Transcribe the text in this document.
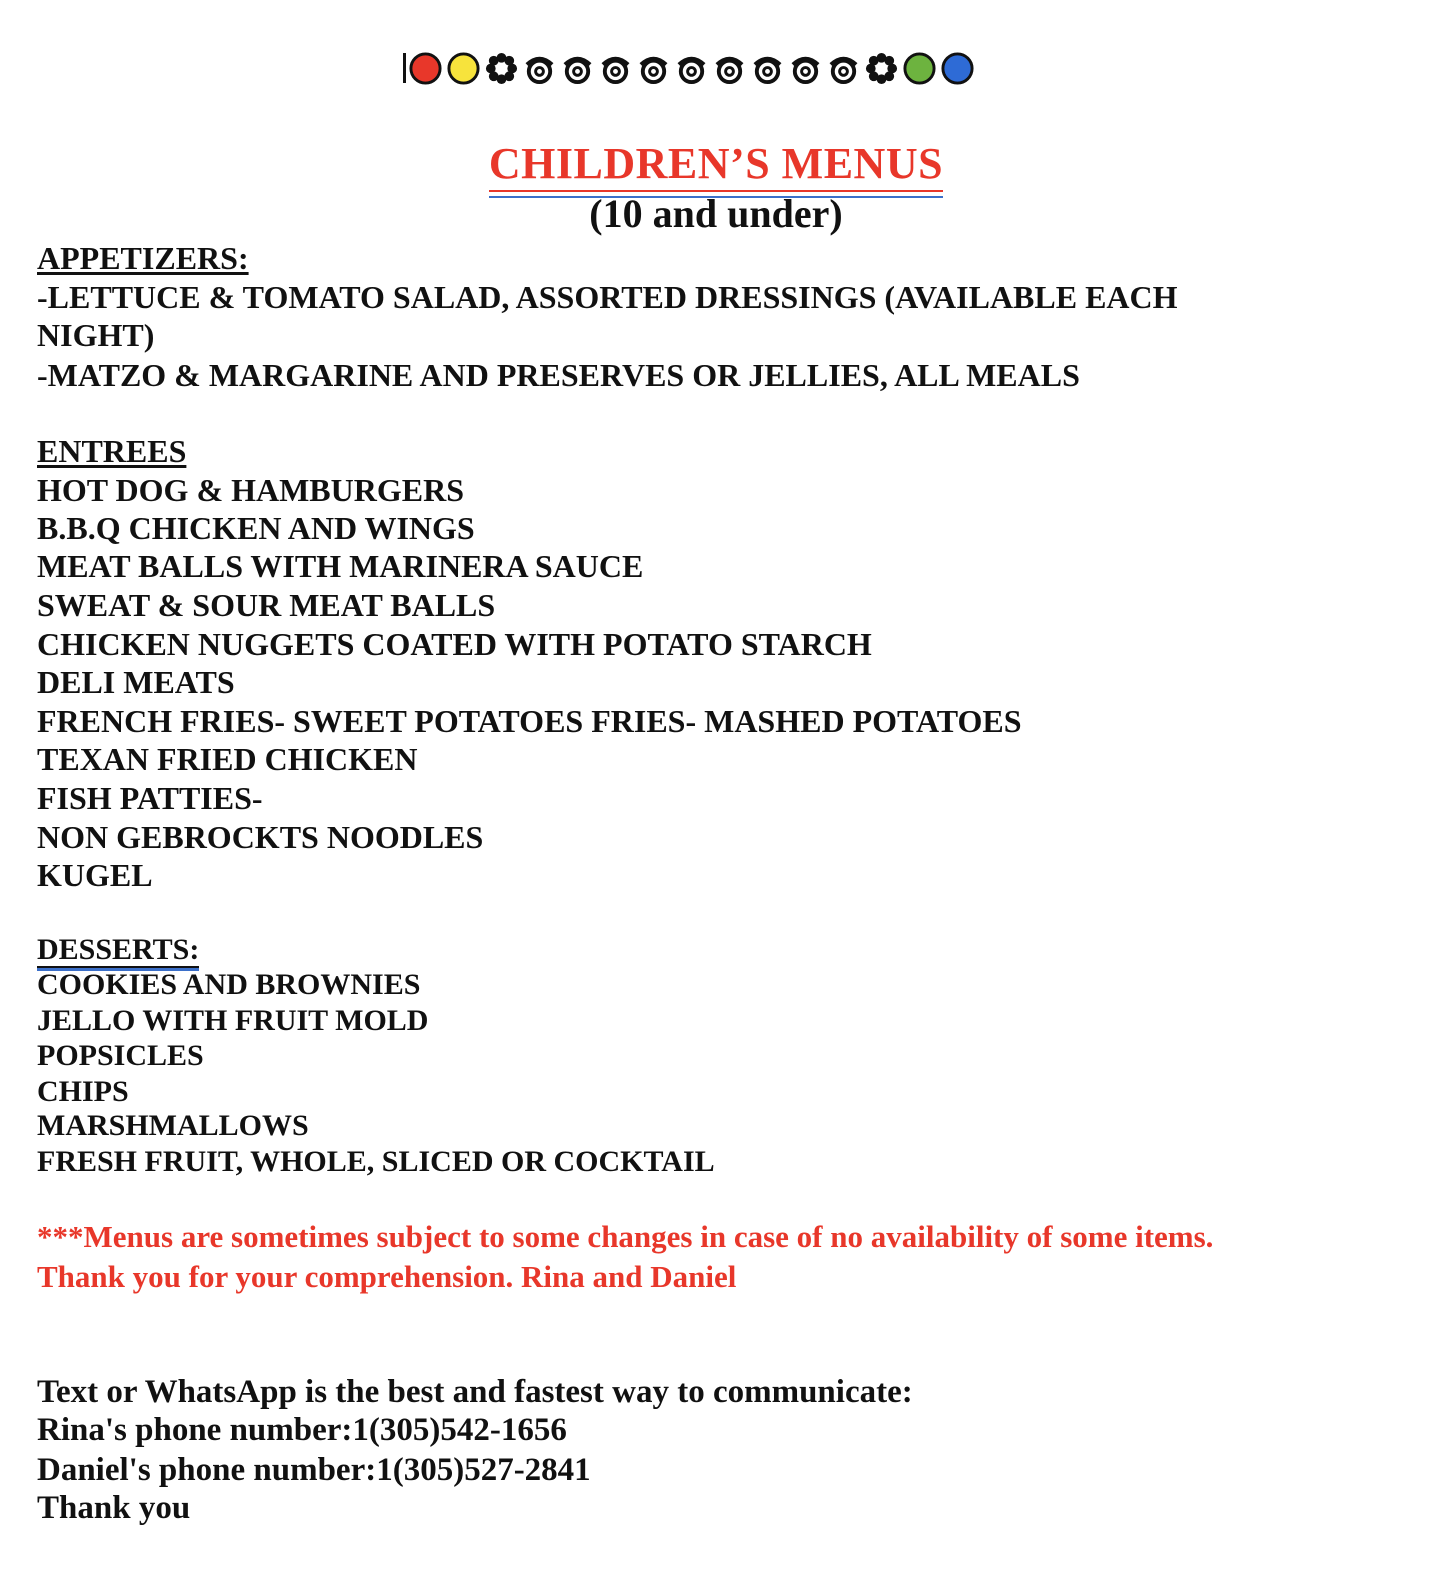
CHILDREN’S MENUS
(10 and under)
APPETIZERS:
-LETTUCE & TOMATO SALAD, ASSORTED DRESSINGS (AVAILABLE EACH
NIGHT)
-MATZO & MARGARINE AND PRESERVES OR JELLIES, ALL MEALS
ENTREES
HOT DOG & HAMBURGERS
B.B.Q CHICKEN AND WINGS
MEAT BALLS WITH MARINERA SAUCE
SWEAT & SOUR MEAT BALLS
CHICKEN NUGGETS COATED WITH POTATO STARCH
DELI MEATS
FRENCH FRIES- SWEET POTATOES FRIES- MASHED POTATOES
TEXAN FRIED CHICKEN
FISH PATTIES-
NON GEBROCKTS NOODLES
KUGEL
DESSERTS:
COOKIES AND BROWNIES
JELLO WITH FRUIT MOLD
POPSICLES
CHIPS
MARSHMALLOWS
FRESH FRUIT, WHOLE, SLICED OR COCKTAIL
***Menus are sometimes subject to some changes in case of no availability of some items.
Thank you for your comprehension. Rina and Daniel
Text or WhatsApp is the best and fastest way to communicate:
Rina's phone number:1(305)542-1656
Daniel's phone number:1(305)527-2841
Thank you
